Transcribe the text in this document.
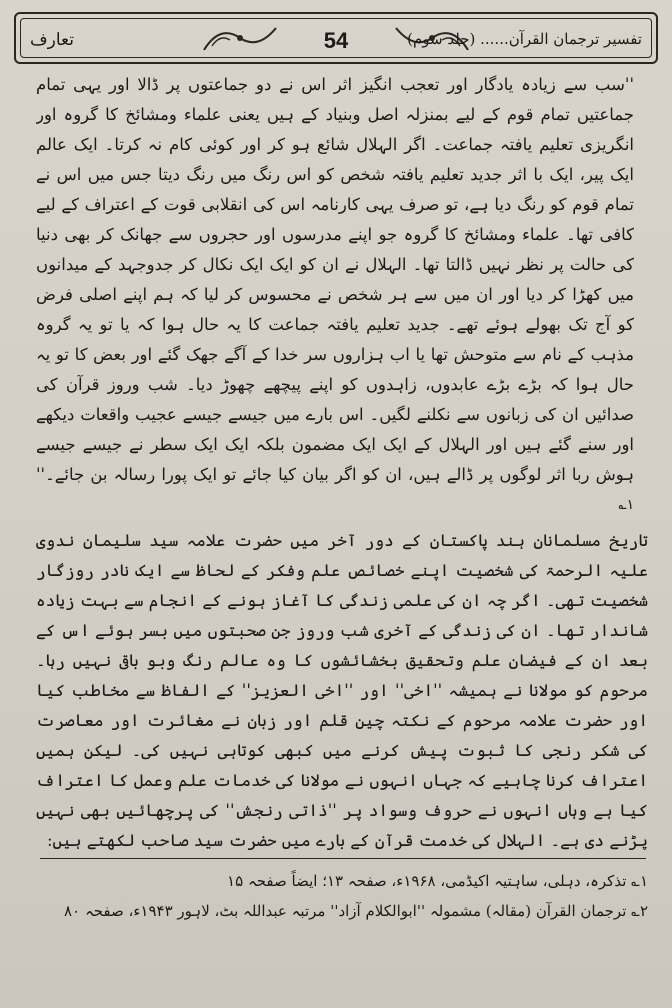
تعارف	54	تفسیر ترجمان القرآن...... (جلد سوم)

''سب سے زیادہ یادگار اور تعجب انگیز اثر اس نے دو جماعتوں پر ڈالا اور یہی تمام جماعتیں تمام قوم کے لیے بمنزلہ اصل وبنیاد کے ہیں یعنی علماء ومشائخ کا گروہ اور انگریزی تعلیم یافتہ جماعت۔ اگر الہلال شائع ہو کر اور کوئی کام نہ کرتا۔ ایک عالم ایک پیر، ایک با اثر جدید تعلیم یافتہ شخص کو اس رنگ میں رنگ دیتا جس میں اس نے تمام قوم کو رنگ دیا ہے، تو صرف یہی کارنامہ اس کی انقلابی قوت کے اعتراف کے لیے کافی تھا۔ علماء ومشائخ کا گروہ جو اپنے مدرسوں اور حجروں سے جھانک کر بھی دنیا کی حالت پر نظر نہیں ڈالتا تھا۔ الہلال نے ان کو ایک ایک نکال کر جدوجہد کے میدانوں میں کھڑا کر دیا اور ان میں سے ہر شخص نے محسوس کر لیا کہ ہم اپنے اصلی فرض کو آج تک بھولے ہوئے تھے۔ جدید تعلیم یافتہ جماعت کا یہ حال ہوا کہ یا تو یہ گروہ مذہب کے نام سے متوحش تھا یا اب ہزاروں سر خدا کے آگے جھک گئے اور بعض کا تو یہ حال ہوا کہ بڑے بڑے عابدوں، زاہدوں کو اپنے پیچھے چھوڑ دیا۔ شب وروز قرآن کی صدائیں ان کی زبانوں سے نکلنے لگیں۔ اس بارے میں جیسے جیسے عجیب واقعات دیکھے اور سنے گئے ہیں اور الہلال کے ایک ایک مضمون بلکہ ایک ایک سطر نے جیسے جیسے ہوش ربا اثر لوگوں پر ڈالے ہیں، ان کو اگر بیان کیا جائے تو ایک پورا رسالہ بن جائے۔'' $^{۱؎}$

تاریخ مسلمانان ہند پاکستان کے دور آخر میں حضرت علامہ سید سلیمان ندوی علیہ الرحمۃ کی شخصیت اپنے خصائص علم وفکر کے لحاظ سے ایک نادر روزگار شخصیت تھی۔ اگر چہ ان کی علمی زندگی کا آغاز ہونے کے انجام سے بہت زیادہ شاندار تھا۔ ان کی زندگی کے آخری شب وروز جن صحبتوں میں بسر ہوئے اس کے بعد ان کے فیضان علم وتحقیق بخشائشوں کا وہ عالم رنگ وبو باقی نہیں رہا۔ مرحوم کو مولانا نے ہمیشہ ''اخی'' اور ''اخی العزیز'' کے الفاظ سے مخاطب کیا اور حضرت علامہ مرحوم کے نکتہ چین قلم اور زبان نے مغائرت اور معاصرت کی شکر رنجی کا ثبوت پیش کرنے میں کبھی کوتاہی نہیں کی۔ لیکن ہمیں اعتراف کرنا چاہیے کہ جہاں انہوں نے مولانا کی خدمات علم وعمل کا اعتراف کیا ہے وہاں انہوں نے حروف وسواد پر ''ذاتی رنجش'' کی پرچھائیں بھی نہیں پڑنے دی ہے۔ الہلال کی خدمت قرآن کے بارے میں حضرت سید صاحب لکھتے ہیں:

۱؎ تذکرہ، دہلی، ساہتیہ اکیڈمی، ۱۹۶۸ء، صفحہ ۱۳؛ ایضاً صفحہ ۱۵

۲؎ ترجمان القرآن (مقالہ) مشمولہ ''ابوالکلام آزاد'' مرتبہ عبداللہ بٹ، لاہور ۱۹۴۳ء، صفحہ ۸۰
